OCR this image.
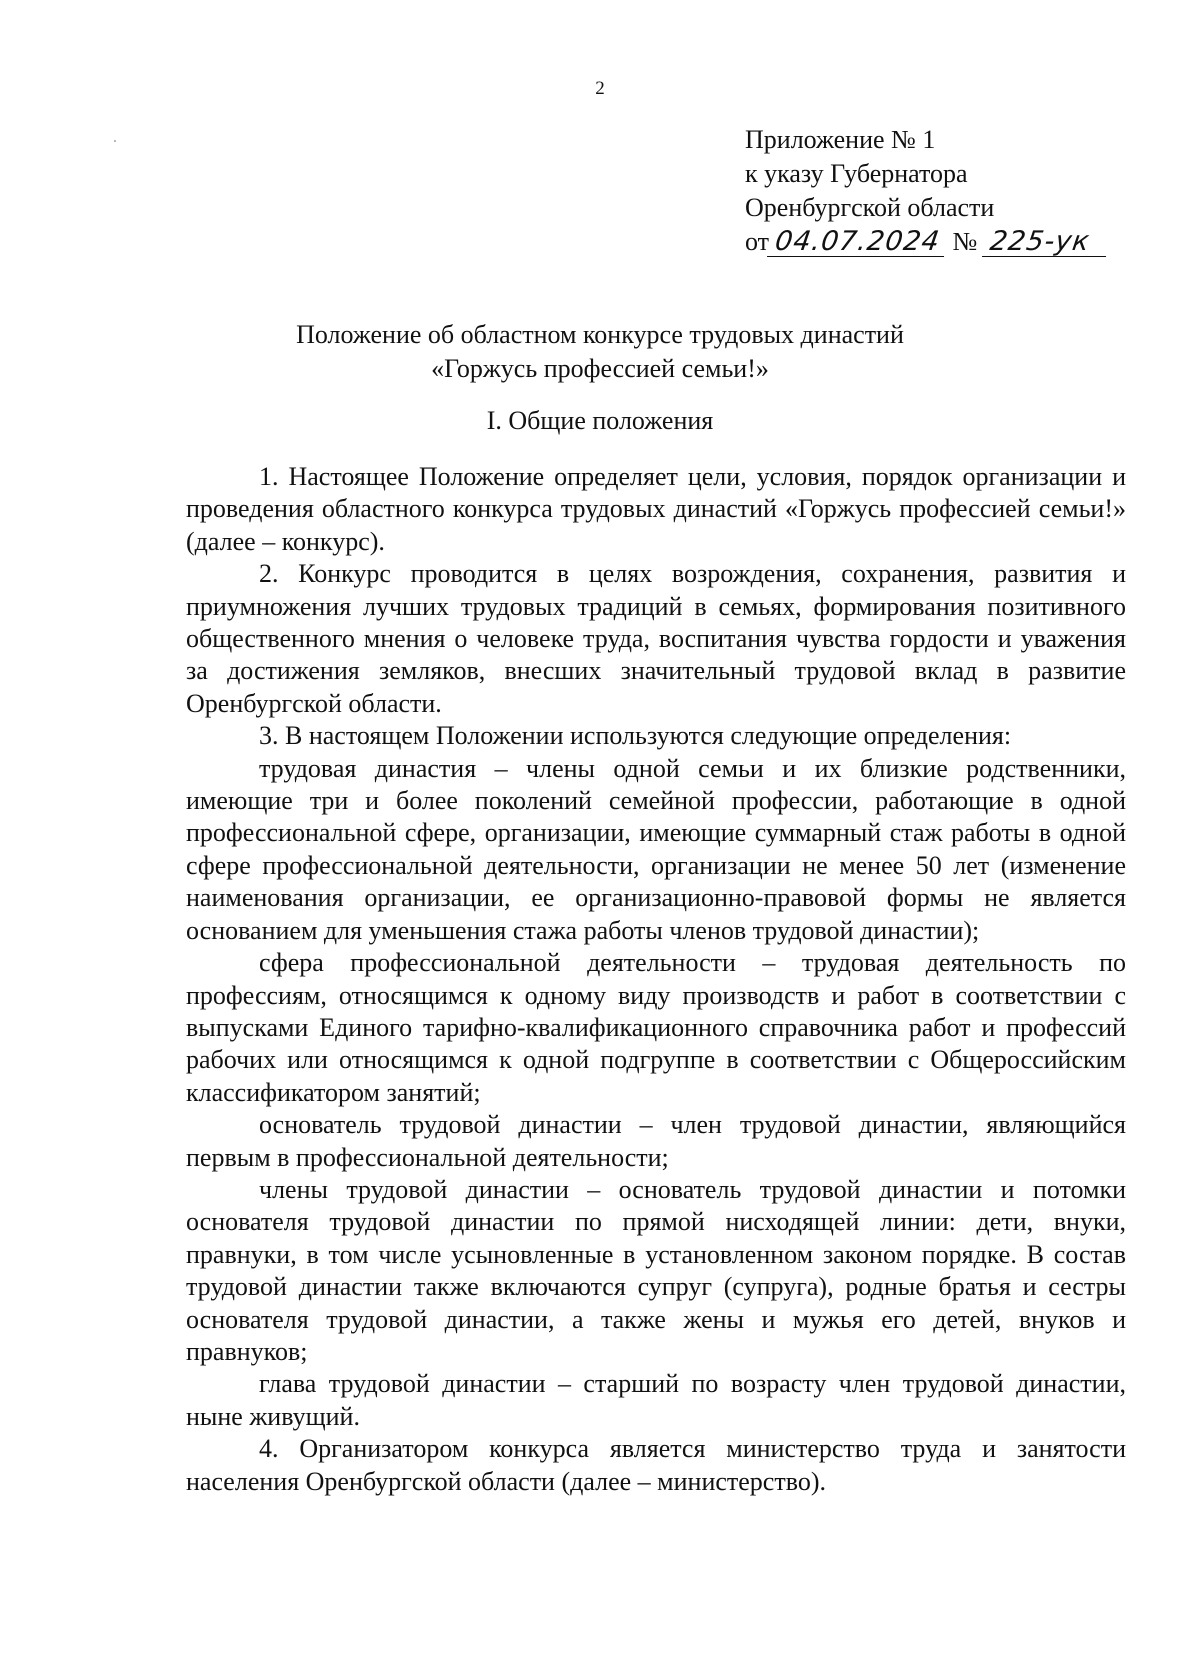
2
Приложение № 1
к указу Губернатора
Оренбургской области
от 04.07.2024 № 225-ук
Положение об областном конкурсе трудовых династий
«Горжусь профессией семьи!»
I. Общие положения

1. Настоящее Положение определяет цели, условия, порядок организации и проведения областного конкурса трудовых династий «Горжусь профессией семьи!» (далее – конкурс).

2. Конкурс проводится в целях возрождения, сохранения, развития и приумножения лучших трудовых традиций в семьях, формирования позитивного общественного мнения о человеке труда, воспитания чувства гордости и уважения за достижения земляков, внесших значительный трудовой вклад в развитие Оренбургской области.

3. В настоящем Положении используются следующие определения:

трудовая династия – члены одной семьи и их близкие родственники, имеющие три и более поколений семейной профессии, работающие в одной профессиональной сфере, организации, имеющие суммарный стаж работы в одной сфере профессиональной деятельности, организации не менее 50 лет (изменение наименования организации, ее организационно-правовой формы не является основанием для уменьшения стажа работы членов трудовой династии);

сфера профессиональной деятельности – трудовая деятельность по профессиям, относящимся к одному виду производств и работ в соответствии с выпусками Единого тарифно-квалификационного справочника работ и профессий рабочих или относящимся к одной подгруппе в соответствии с Общероссийским классификатором занятий;

основатель трудовой династии – член трудовой династии, являющийся первым в профессиональной деятельности;

члены трудовой династии – основатель трудовой династии и потомки основателя трудовой династии по прямой нисходящей линии: дети, внуки, правнуки, в том числе усыновленные в установленном законом порядке. В состав трудовой династии также включаются супруг (супруга), родные братья и сестры основателя трудовой династии, а также жены и мужья его детей, внуков и правнуков;

глава трудовой династии – старший по возрасту член трудовой династии, ныне живущий.

4. Организатором конкурса является министерство труда и занятости населения Оренбургской области (далее – министерство).
